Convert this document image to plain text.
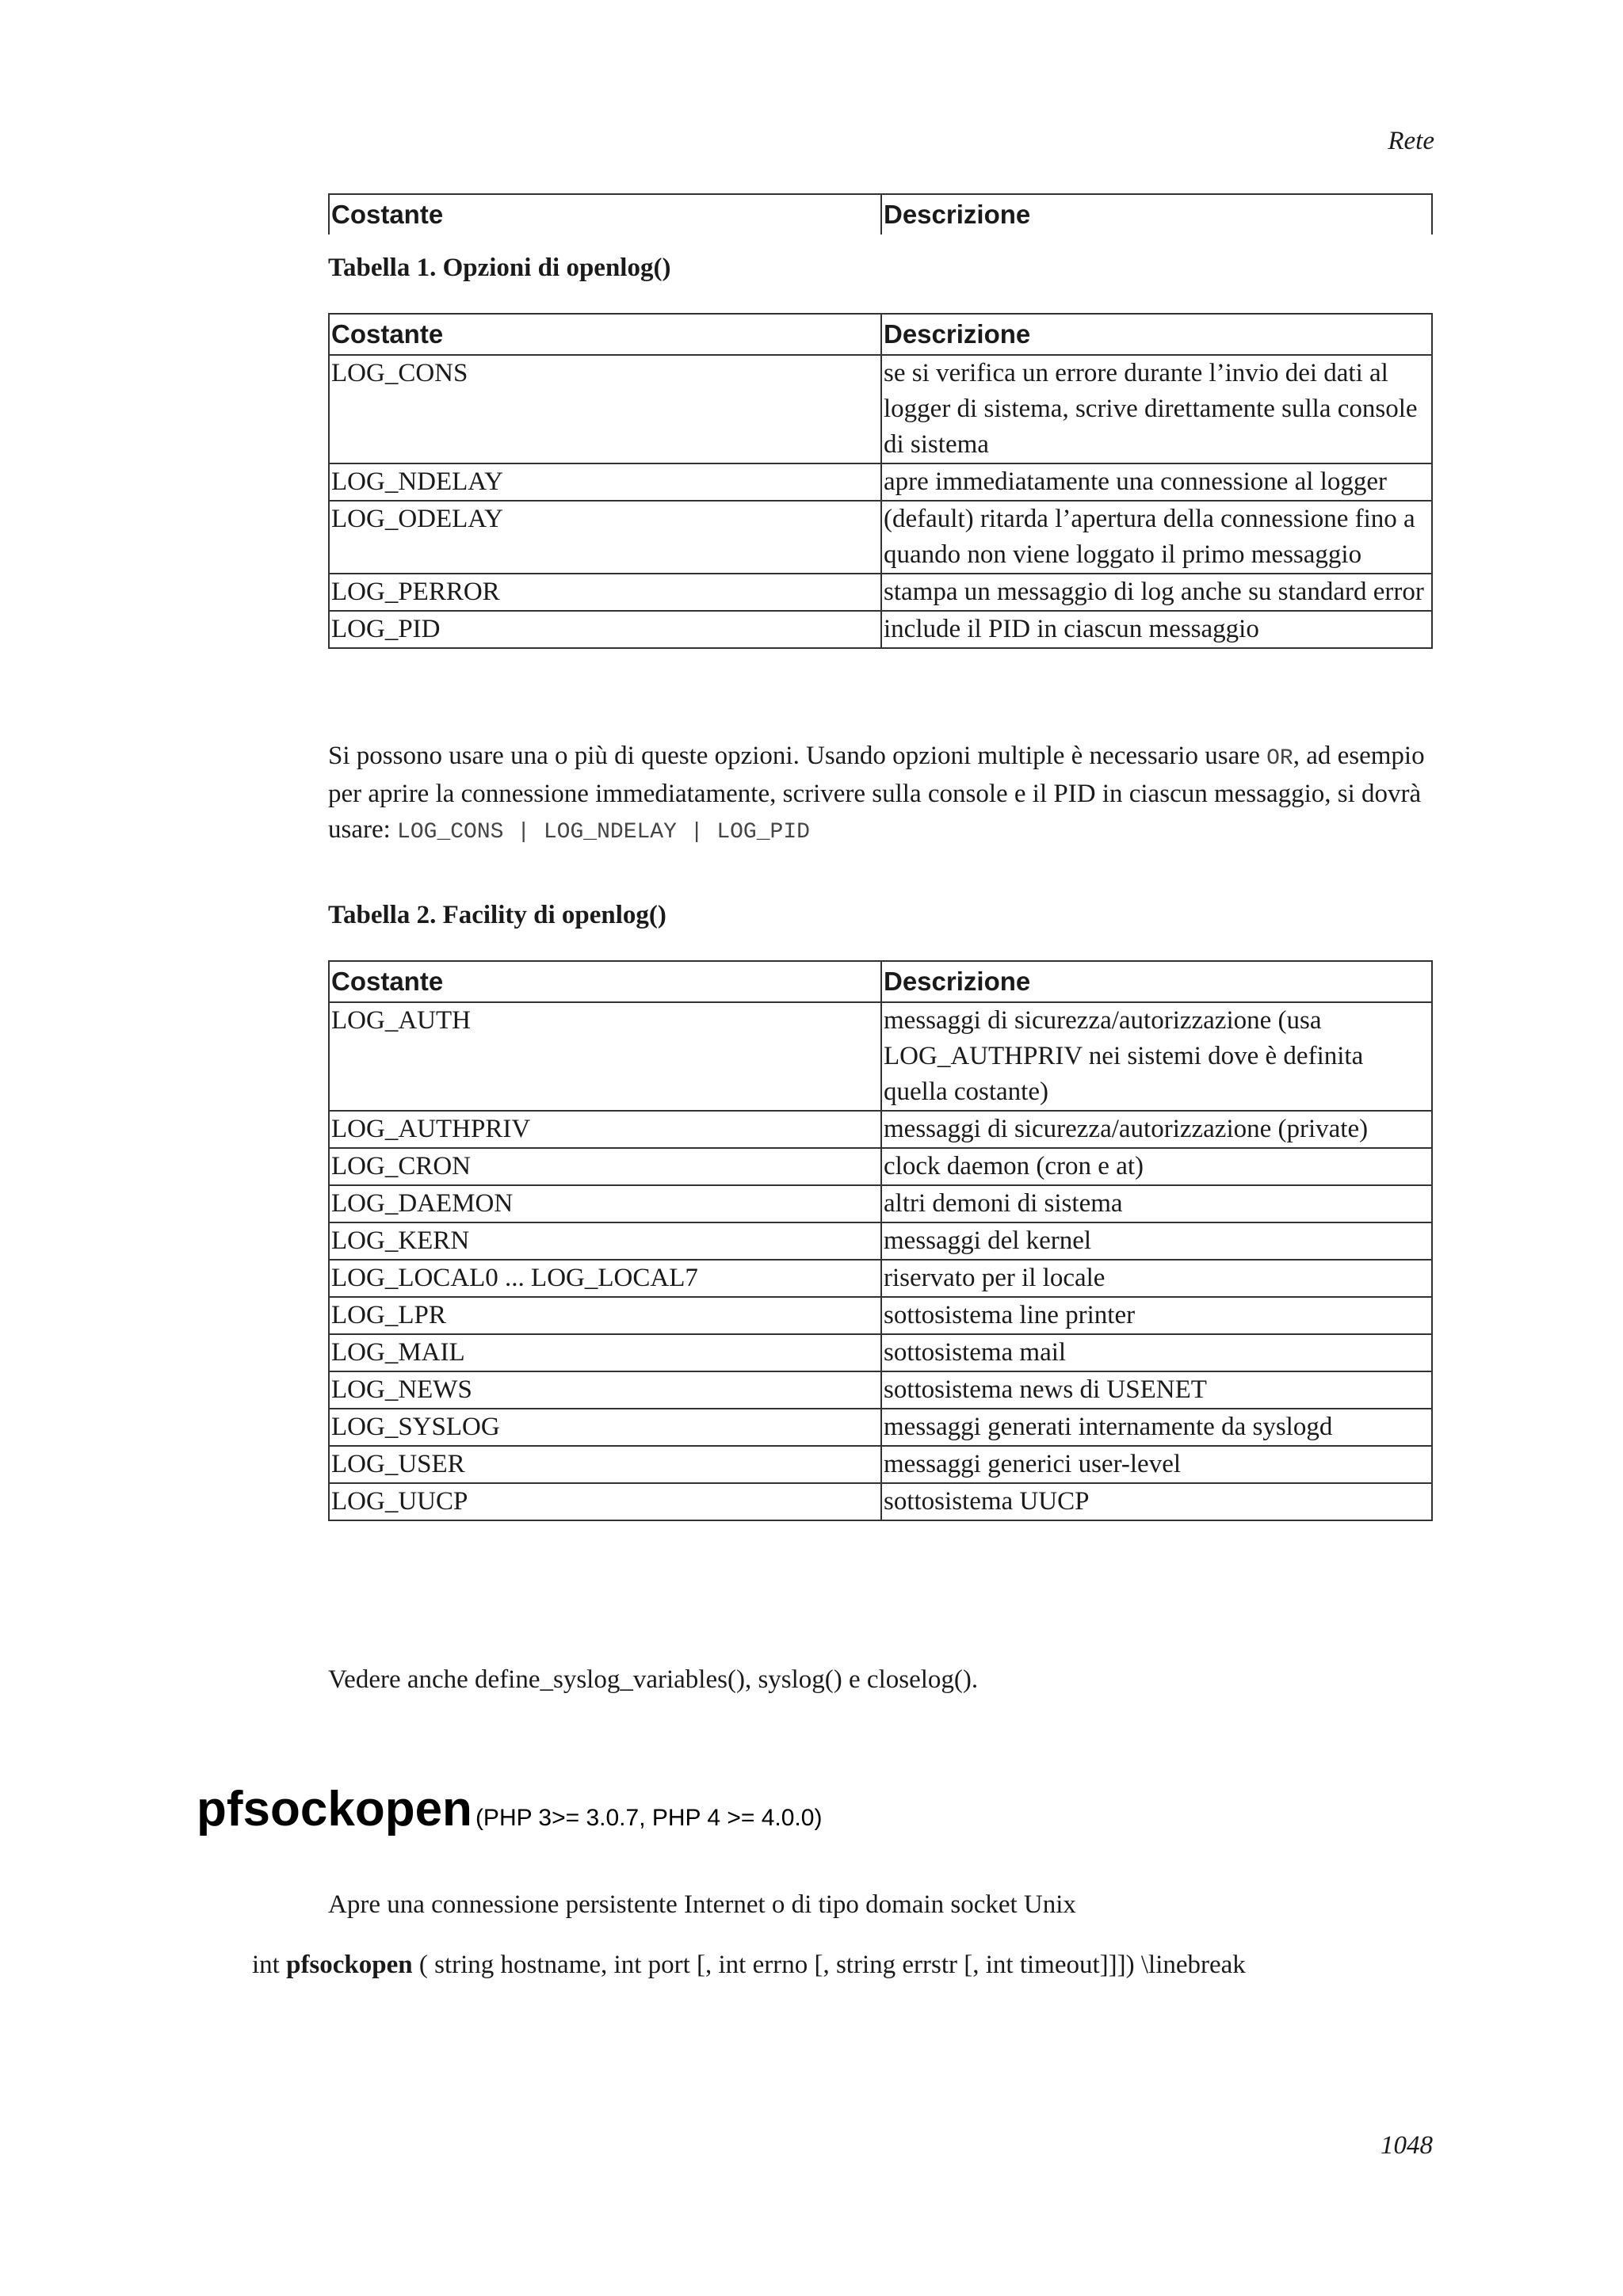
Rete
Costante	Descrizione
Tabella 1. Opzioni di openlog()
Costante	Descrizione
LOG_CONS	se si verifica un errore durante l’invio dei dati al logger di sistema, scrive direttamente sulla console di sistema
LOG_NDELAY	apre immediatamente una connessione al logger
LOG_ODELAY	(default) ritarda l’apertura della connessione fino a quando non viene loggato il primo messaggio
LOG_PERROR	stampa un messaggio di log anche su standard error
LOG_PID	include il PID in ciascun messaggio
Si possono usare una o più di queste opzioni. Usando opzioni multiple è necessario usare OR, ad esempio per aprire la connessione immediatamente, scrivere sulla console e il PID in ciascun messaggio, si dovrà usare: LOG_CONS | LOG_NDELAY | LOG_PID
Tabella 2. Facility di openlog()
Costante	Descrizione
LOG_AUTH	messaggi di sicurezza/autorizzazione (usa LOG_AUTHPRIV nei sistemi dove è definita quella costante)
LOG_AUTHPRIV	messaggi di sicurezza/autorizzazione (private)
LOG_CRON	clock daemon (cron e at)
LOG_DAEMON	altri demoni di sistema
LOG_KERN	messaggi del kernel
LOG_LOCAL0 ... LOG_LOCAL7	riservato per il locale
LOG_LPR	sottosistema line printer
LOG_MAIL	sottosistema mail
LOG_NEWS	sottosistema news di USENET
LOG_SYSLOG	messaggi generati internamente da syslogd
LOG_USER	messaggi generici user-level
LOG_UUCP	sottosistema UUCP
Vedere anche define_syslog_variables(), syslog() e closelog().
pfsockopen (PHP 3>= 3.0.7, PHP 4 >= 4.0.0)
Apre una connessione persistente Internet o di tipo domain socket Unix
int pfsockopen ( string hostname, int port [, int errno [, string errstr [, int timeout]]]) \linebreak
1048
